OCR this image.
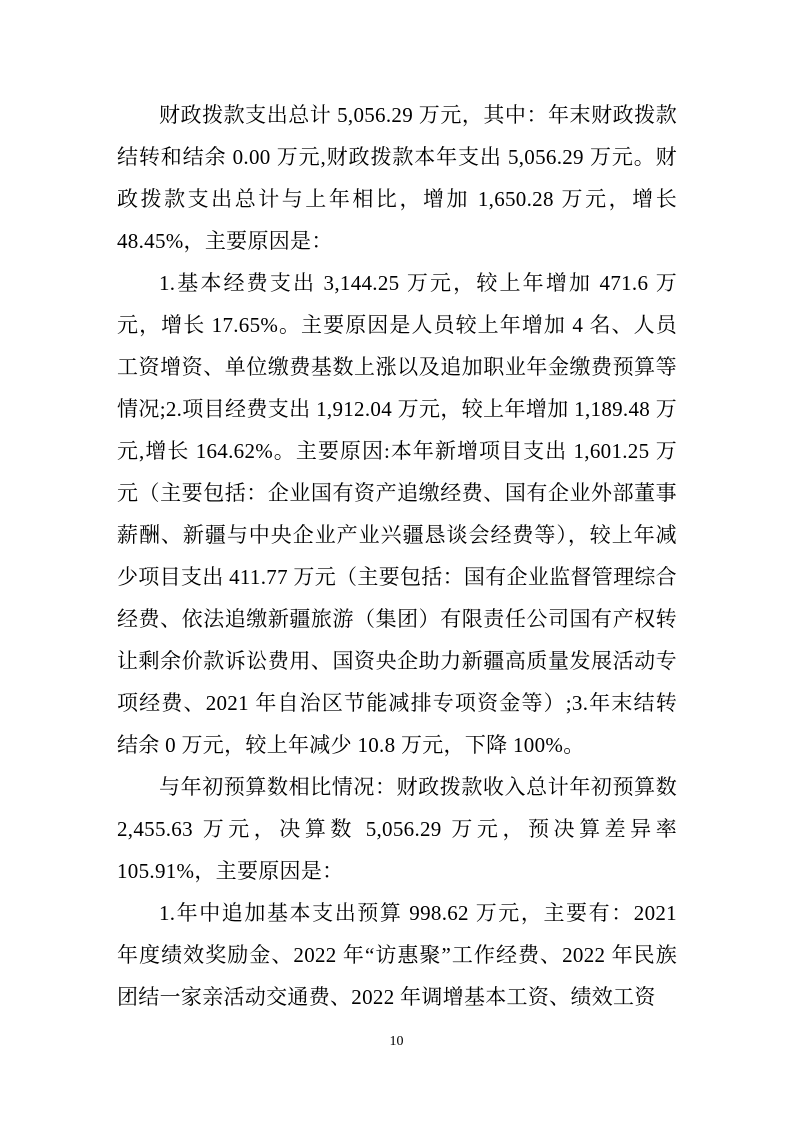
财政拨款支出总计 5,056.29 万元，其中：年末财政拨款结转和结余 0.00 万元,财政拨款本年支出 5,056.29 万元。财政拨款支出总计与上年相比，增加 1,650.28 万元，增长 48.45%，主要原因是：

1.基本经费支出 3,144.25 万元，较上年增加 471.6 万元，增长 17.65%。主要原因是人员较上年增加 4 名、人员工资增资、单位缴费基数上涨以及追加职业年金缴费预算等情况;2.项目经费支出 1,912.04 万元，较上年增加 1,189.48 万元,增长 164.62%。主要原因:本年新增项目支出 1,601.25 万元（主要包括：企业国有资产追缴经费、国有企业外部董事薪酬、新疆与中央企业产业兴疆恳谈会经费等），较上年减少项目支出 411.77 万元（主要包括：国有企业监督管理综合经费、依法追缴新疆旅游（集团）有限责任公司国有产权转让剩余价款诉讼费用、国资央企助力新疆高质量发展活动专项经费、2021 年自治区节能减排专项资金等）;3.年末结转结余 0 万元，较上年减少 10.8 万元，下降 100%。

与年初预算数相比情况：财政拨款收入总计年初预算数 2,455.63 万元，决算数 5,056.29 万元，预决算差异率 105.91%，主要原因是：

1.年中追加基本支出预算 998.62 万元，主要有：2021 年度绩效奖励金、2022 年“访惠聚”工作经费、2022 年民族团结一家亲活动交通费、2022 年调增基本工资、绩效工资

10
